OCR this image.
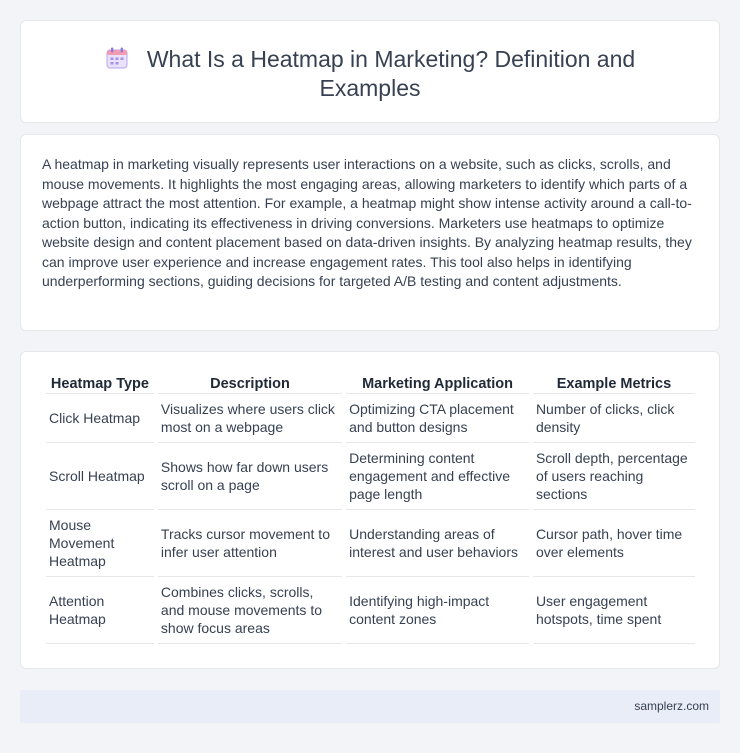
What Is a Heatmap in Marketing? Definition and Examples

A heatmap in marketing visually represents user interactions on a website, such as clicks, scrolls, and mouse movements. It highlights the most engaging areas, allowing marketers to identify which parts of a webpage attract the most attention. For example, a heatmap might show intense activity around a call-to-action button, indicating its effectiveness in driving conversions. Marketers use heatmaps to optimize website design and content placement based on data-driven insights. By analyzing heatmap results, they can improve user experience and increase engagement rates. This tool also helps in identifying underperforming sections, guiding decisions for targeted A/B testing and content adjustments.

Heatmap Type	Description	Marketing Application	Example Metrics
Click Heatmap	Visualizes where users click most on a webpage	Optimizing CTA placement and button designs	Number of clicks, click density
Scroll Heatmap	Shows how far down users scroll on a page	Determining content engagement and effective page length	Scroll depth, percentage of users reaching sections
Mouse Movement Heatmap	Tracks cursor movement to infer user attention	Understanding areas of interest and user behaviors	Cursor path, hover time over elements
Attention Heatmap	Combines clicks, scrolls, and mouse movements to show focus areas	Identifying high-impact content zones	User engagement hotspots, time spent
samplerz.com
